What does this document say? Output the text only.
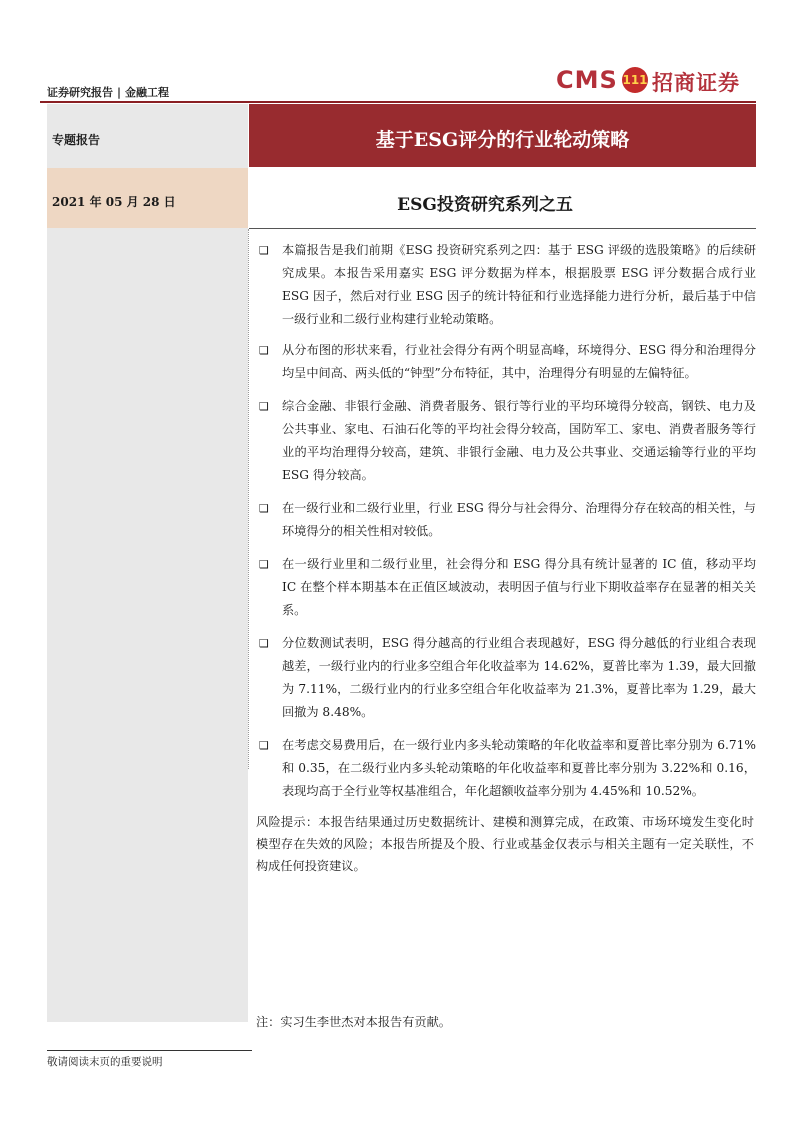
证券研究报告 | 金融工程	CMS 111 招商证券
专题报告
2021 年 05 月 28 日
基于ESG评分的行业轮动策略
ESG投资研究系列之五
❑ 本篇报告是我们前期《ESG 投资研究系列之四：基于 ESG 评级的选股策略》的后续研究成果。本报告采用嘉实 ESG 评分数据为样本，根据股票 ESG 评分数据合成行业 ESG 因子，然后对行业 ESG 因子的统计特征和行业选择能力进行分析，最后基于中信一级行业和二级行业构建行业轮动策略。
❑ 从分布图的形状来看，行业社会得分有两个明显高峰，环境得分、ESG 得分和治理得分均呈中间高、两头低的“钟型”分布特征，其中，治理得分有明显的左偏特征。
❑ 综合金融、非银行金融、消费者服务、银行等行业的平均环境得分较高，钢铁、电力及公共事业、家电、石油石化等的平均社会得分较高，国防军工、家电、消费者服务等行业的平均治理得分较高，建筑、非银行金融、电力及公共事业、交通运输等行业的平均 ESG 得分较高。
❑ 在一级行业和二级行业里，行业 ESG 得分与社会得分、治理得分存在较高的相关性，与环境得分的相关性相对较低。
❑ 在一级行业里和二级行业里，社会得分和 ESG 得分具有统计显著的 IC 值，移动平均 IC 在整个样本期基本在正值区域波动，表明因子值与行业下期收益率存在显著的相关关系。
❑ 分位数测试表明，ESG 得分越高的行业组合表现越好，ESG 得分越低的行业组合表现越差，一级行业内的行业多空组合年化收益率为 14.62%，夏普比率为 1.39，最大回撤为 7.11%，二级行业内的行业多空组合年化收益率为 21.3%，夏普比率为 1.29，最大回撤为 8.48%。
❑ 在考虑交易费用后，在一级行业内多头轮动策略的年化收益率和夏普比率分别为 6.71%和 0.35，在二级行业内多头轮动策略的年化收益率和夏普比率分别为 3.22%和 0.16，表现均高于全行业等权基准组合，年化超额收益率分别为 4.45%和 10.52%。
风险提示：本报告结果通过历史数据统计、建模和测算完成，在政策、市场环境发生变化时模型存在失效的风险；本报告所提及个股、行业或基金仅表示与相关主题有一定关联性，不构成任何投资建议。
注：实习生李世杰对本报告有贡献。
敬请阅读末页的重要说明
